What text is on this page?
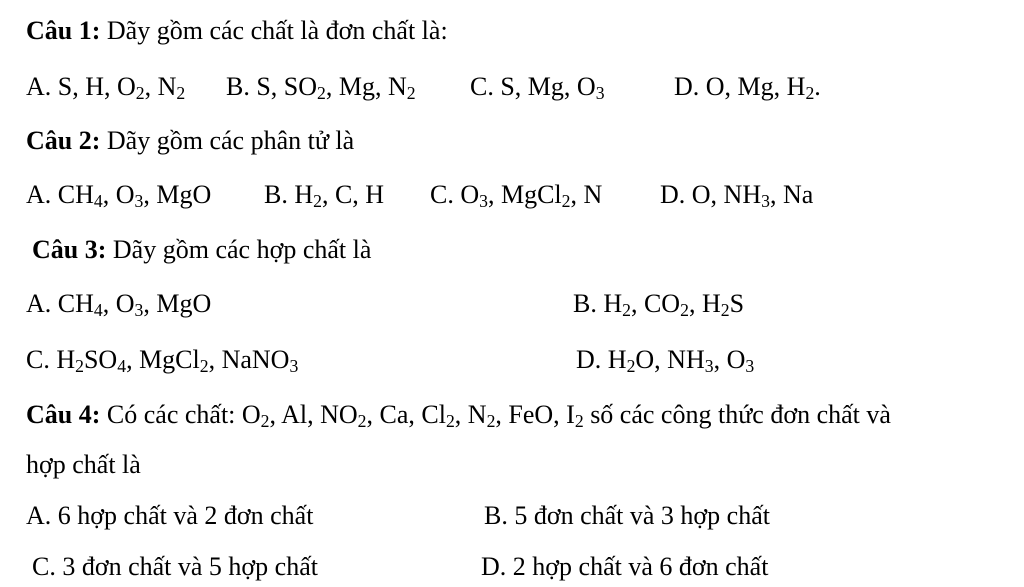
Câu 1: Dãy gồm các chất là đơn chất là:
A. S, H, $O_2$, $N_2$ B. S, $SO_2$, Mg, $N_2$ C. S, Mg, $O_3$	D. O, Mg, $H_2$.
Câu 2: Dãy gồm các phân tử là
A. $CH_4$, $O_3$, MgO B. $H_2$, C, H C. $O_3$, MgCl$_2$, N D. O, $NH_3$, Na
Câu 3: Dãy gồm các hợp chất là
A. $CH_4$, $O_3$, MgO	B. $H_2$, $CO_2$, $H_2S$
C. $H_2SO_4$, MgCl$_2$, NaNO$_3$	D. $H_2O$, $NH_3$, $O_3$
Câu 4: Có các chất: $O_2$, Al, $NO_2$, Ca, $Cl_2$, $N_2$, FeO, $I_2$ số các công thức đơn chất và
hợp chất là
A. 6 hợp chất và 2 đơn chất	B. 5 đơn chất và 3 hợp chất
C. 3 đơn chất và 5 hợp chất	D. 2 hợp chất và 6 đơn chất
